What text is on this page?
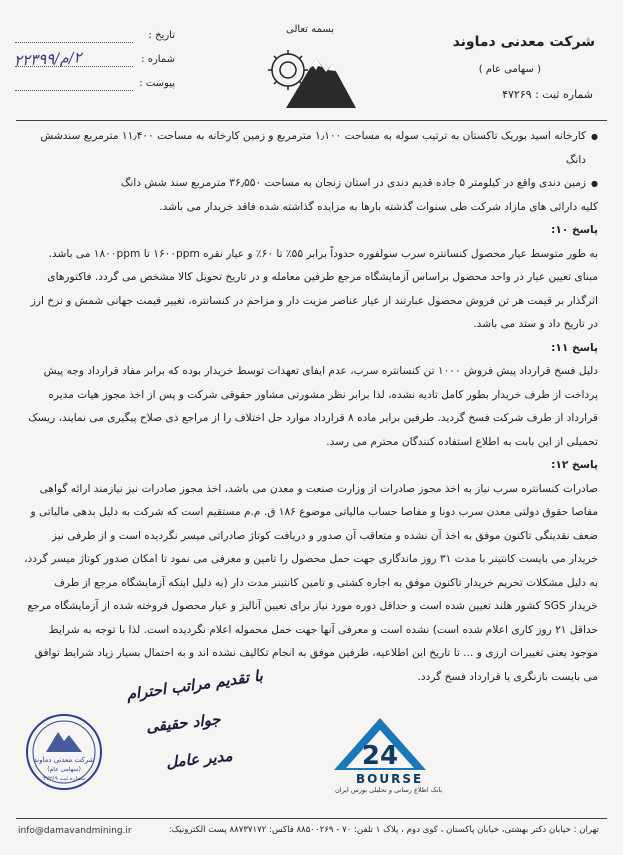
شرکت معدنی دماوند
( سهامی عام )
شماره ثبت : ۴۷۲۶۹
بسمه تعالی
تاریخ :
شماره :
پیوست :
۲/م/۲۲۳۹۹

● کارخانه اسید بوریک تاکستان به ترتیب سوله به مساحت ۱٫۱۰۰ مترمربع و زمین کارخانه به مساحت ۱۱٫۴۰۰ مترمربع سندشش دانگ

● زمین دندی واقع در کیلومتر ۵ جاده قدیم دندی در استان زنجان به مساحت ۳۶٫۵۵۰ مترمربع سند شش دانگ

کلیه دارائی های مازاد شرکت طی سنوات گذشته بارها به مزایده گذاشته شده فاقد خریدار می باشد.

پاسخ ۱۰:

به طور متوسط عیار محصول کنسانتره سرب سولفوره حدوداً برابر ۵۵٪ تا ۶۰٪ و عیار نقره ۱۶۰۰ppm تا ۱۸۰۰ppm می باشد. مبنای تعیین عیار در واحد محصول براساس آزمایشگاه مرجع طرفین معامله و در تاریخ تحویل کالا مشخص می گردد. فاکتورهای اثرگذار بر قیمت هر تن فروش محصول عبارتند از عیار عناصر مزیت دار و مزاحم در کنسانتره، تغییر قیمت جهانی شمش و نرخ ارز در تاریخ داد و ستد می باشد.

پاسخ ۱۱:

دلیل فسخ قرارداد پیش فروش ۱۰۰۰ تن کنسانتره سرب، عدم ایفای تعهدات توسط خریدار بوده که برابر مفاد قرارداد وجه پیش پرداخت از طرف خریدار بطور کامل تادیه نشده، لذا برابر نظر مشورتی مشاور حقوقی شرکت و پس از اخذ مجوز هیات مدیره قرارداد از طرف شرکت فسخ گردید. طرفین برابر ماده ۸ قرارداد موارد حل اختلاف را از مراجع ذی صلاح پیگیری می نمایند، ریسک تحمیلی از این بابت به اطلاع استفاده کنندگان محترم می رسد.

پاسخ ۱۲:

صادرات کنسانتره سرب نیاز به اخذ مجوز صادرات از وزارت صنعت و معدن می باشد، اخذ مجوز صادرات نیز نیازمند ارائه گواهی مفاصا حقوق دولتی معدن سرب دونا و مفاصا حساب مالیاتی موضوع ۱۸۶ ق. م.م مستقیم است که شرکت به دلیل بدهی مالیاتی و ضعف نقدینگی تاکنون موفق به اخذ آن نشده و متعاقب آن صدور و دریافت کوتاژ صادراتی میسر نگردیده است و از طرفی نیز خریدار می بایست کانتینر با مدت ۳۱ روز ماندگاری جهت حمل محصول را تامین و معرفی می نمود تا امکان صدور کوتاژ میسر گردد، به دلیل مشکلات تحریم خریدار تاکنون موفق به اجاره کشتی و تامین کانتینر مدت دار (به دلیل اینکه آزمایشگاه مرجع از طرف خریدار SGS کشور هلند تعیین شده است و حداقل دوره مورد نیاز برای تعیین آنالیز و عیار محصول فروخته شده از آزمایشگاه مرجع حداقل ۲۱ روز کاری اعلام شده است) نشده است و معرفی آنها جهت حمل محموله اعلام نگردیده است. لذا با توجه به شرایط موجود یعنی تغییرات ارزی و ... تا تاریخ این اطلاعیه، طرفین موفق به انجام تکالیف نشده اند و به احتمال بسیار زیاد شرایط توافق می بایست بازنگری یا قرارداد فسخ گردد.

با تقدیم مراتب احترام
جواد حقیقی
مدیر عامل
شرکت معدنی دماوند
(سهامی عام)
شماره ثبت ۴۷۲۶۹
24
BOURSE
بانک اطلاع رسانی و تحلیلی بورس ایران
تهران : خیابان دکتر بهشتی، خیابان پاکستان ، کوی دوم ، پلاک ۱ تلفن: ۷۰ - ۸۸۵۰۰۲۶۹ فاکس: ۸۸۷۳۷۱۷۲ پست الکترونیک:
info@damavandmining.ir
